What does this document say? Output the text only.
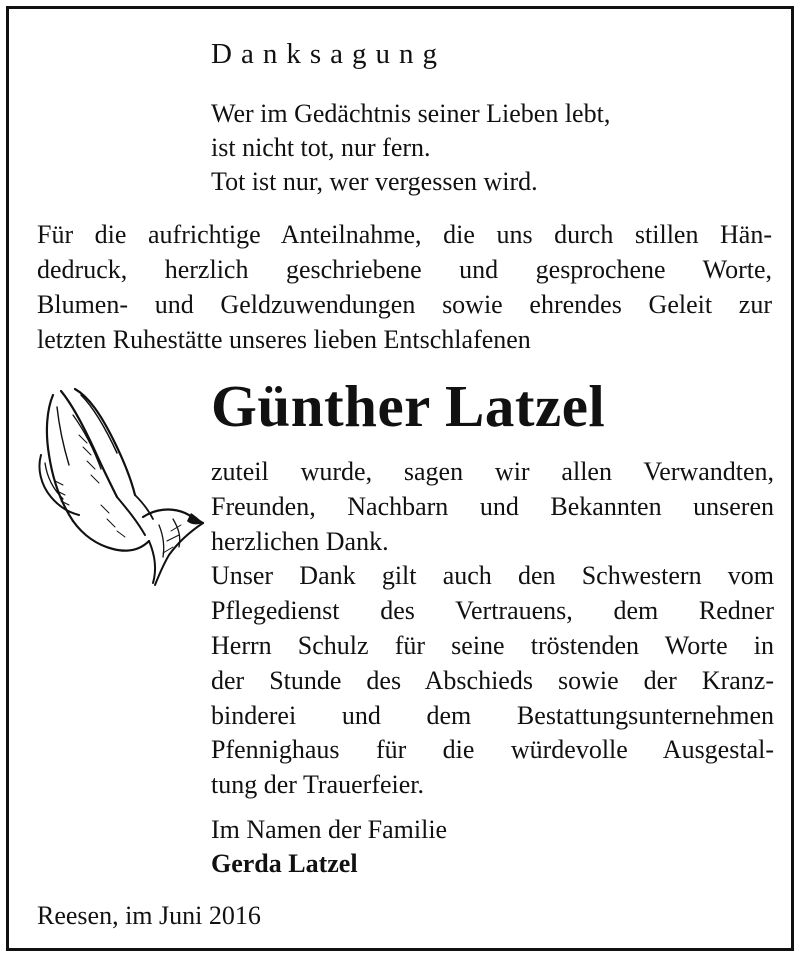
Danksagung
Wer im Gedächtnis seiner Lieben lebt,
ist nicht tot, nur fern.
Tot ist nur, wer vergessen wird.
Für die aufrichtige Anteilnahme, die uns durch stillen Hän-
dedruck, herzlich geschriebene und gesprochene Worte,
Blumen- und Geldzuwendungen sowie ehrendes Geleit zur
letzten Ruhestätte unseres lieben Entschlafenen
Günther Latzel
zuteil wurde, sagen wir allen Verwandten,
Freunden, Nachbarn und Bekannten unseren
herzlichen Dank.
Unser Dank gilt auch den Schwestern vom
Pflegedienst des Vertrauens, dem Redner
Herrn Schulz für seine tröstenden Worte in
der Stunde des Abschieds sowie der Kranz-
binderei und dem Bestattungsunternehmen
Pfennighaus für die würdevolle Ausgestal-
tung der Trauerfeier.
Im Namen der Familie
Gerda Latzel
Reesen, im Juni 2016
